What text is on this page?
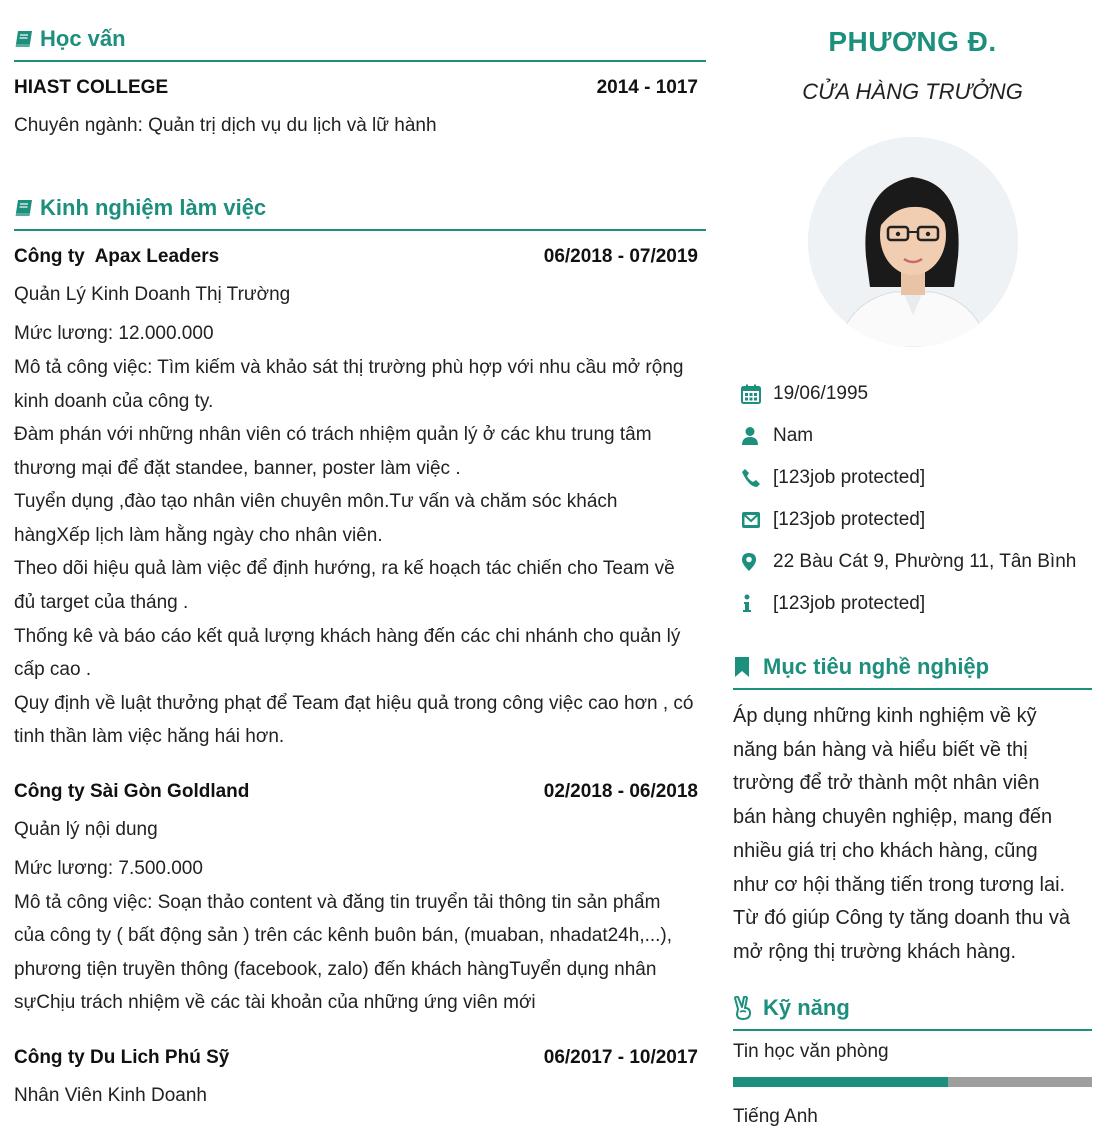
Học vấn
HIAST COLLEGE	2014 - 1017
Chuyên ngành: Quản trị dịch vụ du lịch và lữ hành
Kinh nghiệm làm việc
Công ty  Apax Leaders	06/2018 - 07/2019
Quản Lý Kinh Doanh Thị Trường
Mức lương: 12.000.000
Mô tả công việc: Tìm kiếm và khảo sát thị trường phù hợp với nhu cầu mở rộng
kinh doanh của công ty.
Đàm phán với những nhân viên có trách nhiệm quản lý ở các khu trung tâm
thương mại để đặt standee, banner, poster làm việc .
Tuyển dụng ,đào tạo nhân viên chuyên môn.Tư vấn và chăm sóc khách
hàngXếp lịch làm hằng ngày cho nhân viên.
Theo dõi hiệu quả làm việc để định hướng, ra kế hoạch tác chiến cho Team về
đủ target của tháng .
Thống kê và báo cáo kết quả lượng khách hàng đến các chi nhánh cho quản lý
cấp cao .
Quy định về luật thưởng phạt để Team đạt hiệu quả trong công việc cao hơn , có
tinh thần làm việc hăng hái hơn.
Công ty Sài Gòn Goldland	02/2018 - 06/2018
Quản lý nội dung
Mức lương: 7.500.000
Mô tả công việc: Soạn thảo content và đăng tin truyển tải thông tin sản phẩm
của công ty ( bất động sản ) trên các kênh buôn bán, (muaban, nhadat24h,...),
phương tiện truyền thông (facebook, zalo) đến khách hàngTuyển dụng nhân
sựChịu trách nhiệm về các tài khoản của những ứng viên mới
Công ty Du Lich Phú Sỹ	06/2017 - 10/2017
Nhân Viên Kinh Doanh
PHƯƠNG Đ.
CỬA HÀNG TRƯỞNG
19/06/1995
Nam
[123job protected]
[123job protected]
22 Bàu Cát 9, Phường 11, Tân Bình
[123job protected]
Mục tiêu nghề nghiệp
Áp dụng những kinh nghiệm về kỹ
năng bán hàng và hiểu biết về thị
trường để trở thành một nhân viên
bán hàng chuyên nghiệp, mang đến
nhiều giá trị cho khách hàng, cũng
như cơ hội thăng tiến trong tương lai.
Từ đó giúp Công ty tăng doanh thu và
mở rộng thị trường khách hàng.
Kỹ năng
Tin học văn phòng
Tiếng Anh
